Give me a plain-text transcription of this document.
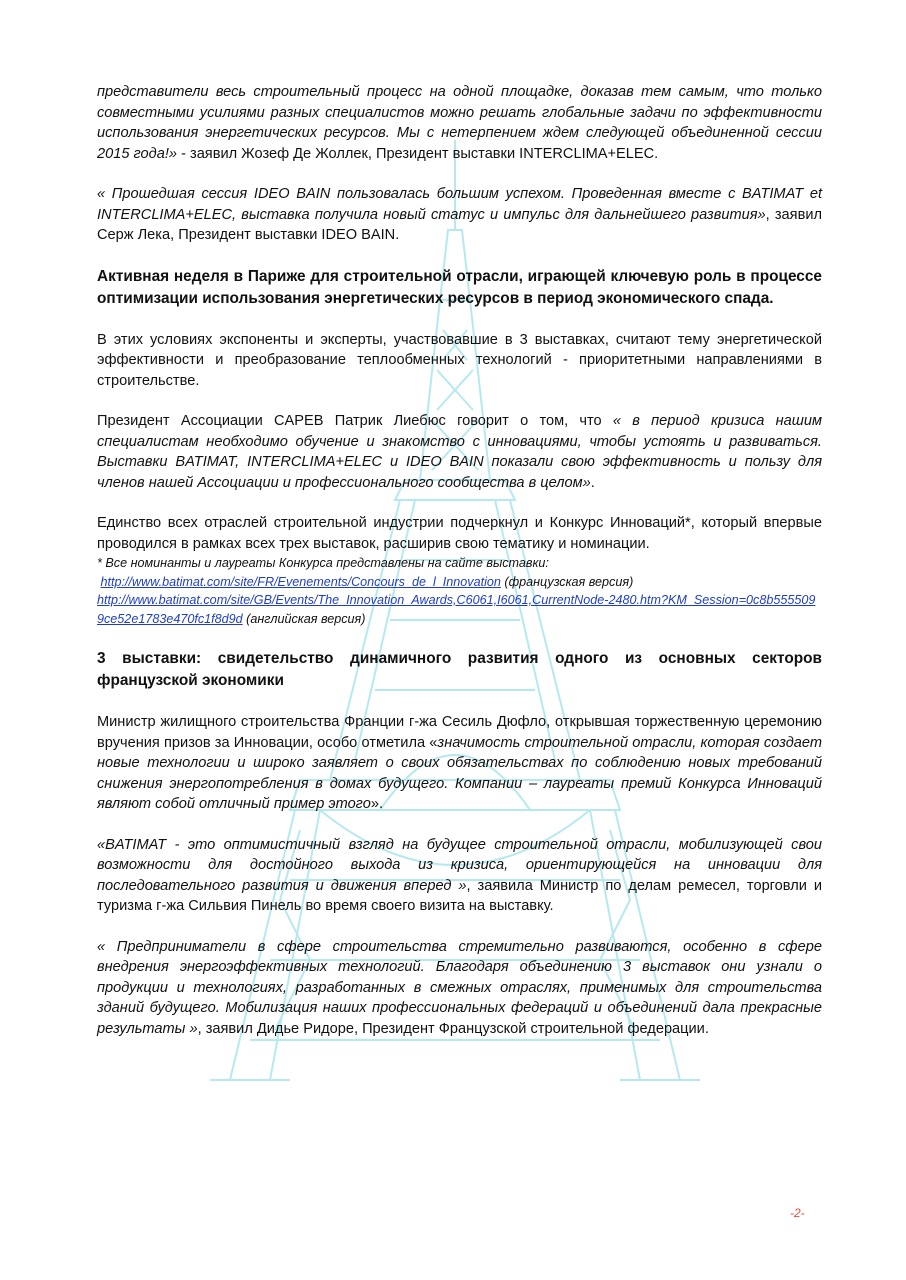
представители весь строительный процесс на одной площадке, доказав тем самым, что только совместными усилиями разных специалистов можно решать глобальные задачи по эффективности использования энергетических ресурсов. Мы с нетерпением ждем следующей объединенной сессии 2015 года!» - заявил Жозеф Де Жоллек, Президент выставки INTERCLIMA+ELEC.

« Прошедшая сессия IDEO BAIN пользовалась большим успехом. Проведенная вместе с BATIMAT et INTERCLIMA+ELEC, выставка получила новый статус и импульс для дальнейшего развития», заявил Серж Лека, Президент выставки IDEO BAIN.

Активная неделя в Париже для строительной отрасли, играющей ключевую роль в процессе оптимизации использования энергетических ресурсов в период экономического спада.

В этих условиях экспоненты и эксперты, участвовавшие в 3 выставках, считают тему энергетической эффективности и преобразование теплообменных технологий - приоритетными направлениями в строительстве.

Президент Ассоциации CAPEB Патрик Лиебюс говорит о том, что « в период кризиса нашим специалистам необходимо обучение и знакомство с инновациями, чтобы устоять и развиваться. Выставки BATIMAT, INTERCLIMA+ELEC и IDEO BAIN показали свою эффективность и пользу для членов нашей Ассоциации и профессионального сообщества в целом».

Единство всех отраслей строительной индустрии подчеркнул и Конкурс Инноваций*, который впервые проводился в рамках всех трех выставок, расширив свою тематику и номинации.

* Все номинанты и лауреаты Конкурса представлены на сайте выставки:
http://www.batimat.com/site/FR/Evenements/Concours_de_l_Innovation (французская версия)
http://www.batimat.com/site/GB/Events/The_Innovation_Awards,C6061,I6061,CurrentNode-2480.htm?KM_Session=0c8b5555099ce52e1783e470fc1f8d9d (английская версия)
3 выставки: свидетельство динамичного развития одного из основных секторов французской экономики

Министр жилищного строительства Франции г-жа Сесиль Дюфло, открывшая торжественную церемонию вручения призов за Инновации, особо отметила «значимость строительной отрасли, которая создает новые технологии и широко заявляет о своих обязательствах по соблюдению новых требований снижения энергопотребления в домах будущего. Компании – лауреаты премий Конкурса Инноваций являют собой отличный пример этого».

«BATIMAT - это оптимистичный взгляд на будущее строительной отрасли, мобилизующей свои возможности для достойного выхода из кризиса, ориентирующейся на инновации для последовательного развития и движения вперед », заявила Министр по делам ремесел, торговли и туризма г-жа Сильвия Пинель во время своего визита на выставку.

« Предприниматели в сфере строительства стремительно развиваются, особенно в сфере внедрения энергоэффективных технологий. Благодаря объединению 3 выставок они узнали о продукции и технологиях, разработанных в смежных отраслях, применимых для строительства зданий будущего. Мобилизация наших профессиональных федераций и объединений дала прекрасные результаты », заявил Дидье Ридоре, Президент Французской строительной федерации.

-2-
